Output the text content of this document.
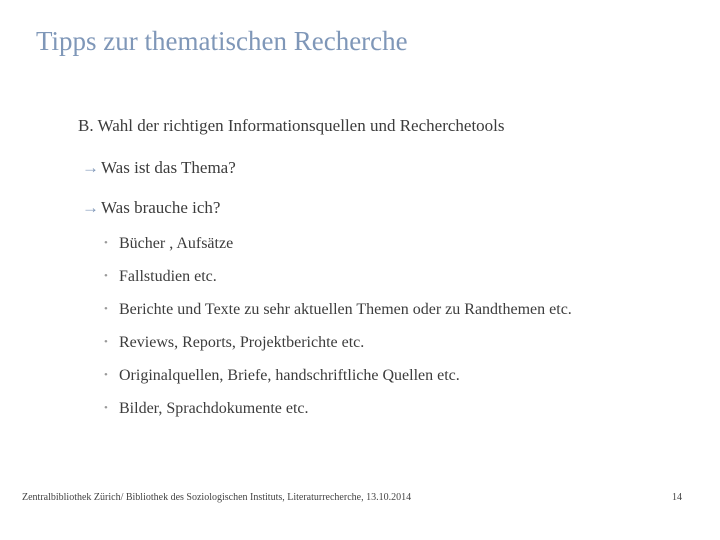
Tipps zur thematischen Recherche
B. Wahl der richtigen Informationsquellen und Recherchetools
→ Was ist das Thema?
→ Was brauche ich?
• Bücher , Aufsätze
• Fallstudien etc.
• Berichte und Texte zu sehr aktuellen Themen oder zu Randthemen etc.
• Reviews, Reports, Projektberichte etc.
• Originalquellen, Briefe, handschriftliche Quellen etc.
• Bilder, Sprachdokumente etc.
Zentralbibliothek Zürich/ Bibliothek des Soziologischen Instituts, Literaturrecherche, 13.10.2014	14
